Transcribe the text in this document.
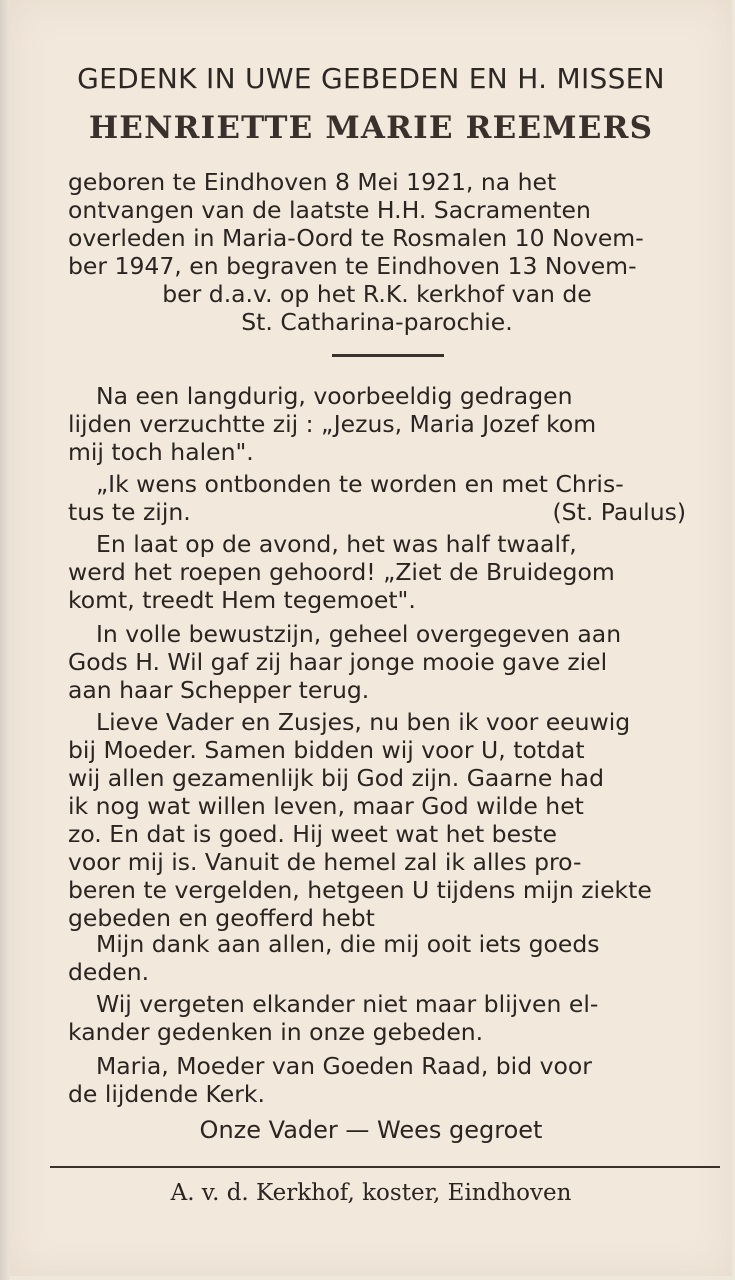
GEDENK IN UWE GEBEDEN EN H. MISSEN
HENRIETTE MARIE REEMERS
geboren te Eindhoven 8 Mei 1921, na het
ontvangen van de laatste H.H. Sacramenten
overleden in Maria-Oord te Rosmalen 10 Novem-
ber 1947, en begraven te Eindhoven 13 Novem-
ber d.a.v. op het R.K. kerkhof van de
St. Catharina-parochie.
Na een langdurig, voorbeeldig gedragen
lijden verzuchtte zij : „Jezus, Maria Jozef kom
mij toch halen".
„Ik wens ontbonden te worden en met Chris-
tus te zijn.	(St. Paulus)
En laat op de avond, het was half twaalf,
werd het roepen gehoord! „Ziet de Bruidegom
komt, treedt Hem tegemoet".
In volle bewustzijn, geheel overgegeven aan
Gods H. Wil gaf zij haar jonge mooie gave ziel
aan haar Schepper terug.
Lieve Vader en Zusjes, nu ben ik voor eeuwig
bij Moeder. Samen bidden wij voor U, totdat
wij allen gezamenlijk bij God zijn. Gaarne had
ik nog wat willen leven, maar God wilde het
zo. En dat is goed. Hij weet wat het beste
voor mij is. Vanuit de hemel zal ik alles pro-
beren te vergelden, hetgeen U tijdens mijn ziekte
gebeden en geofferd hebt
Mijn dank aan allen, die mij ooit iets goeds
deden.
Wij vergeten elkander niet maar blijven el-
kander gedenken in onze gebeden.
Maria, Moeder van Goeden Raad, bid voor
de lijdende Kerk.
Onze Vader — Wees gegroet
A. v. d. Kerkhof, koster, Eindhoven
